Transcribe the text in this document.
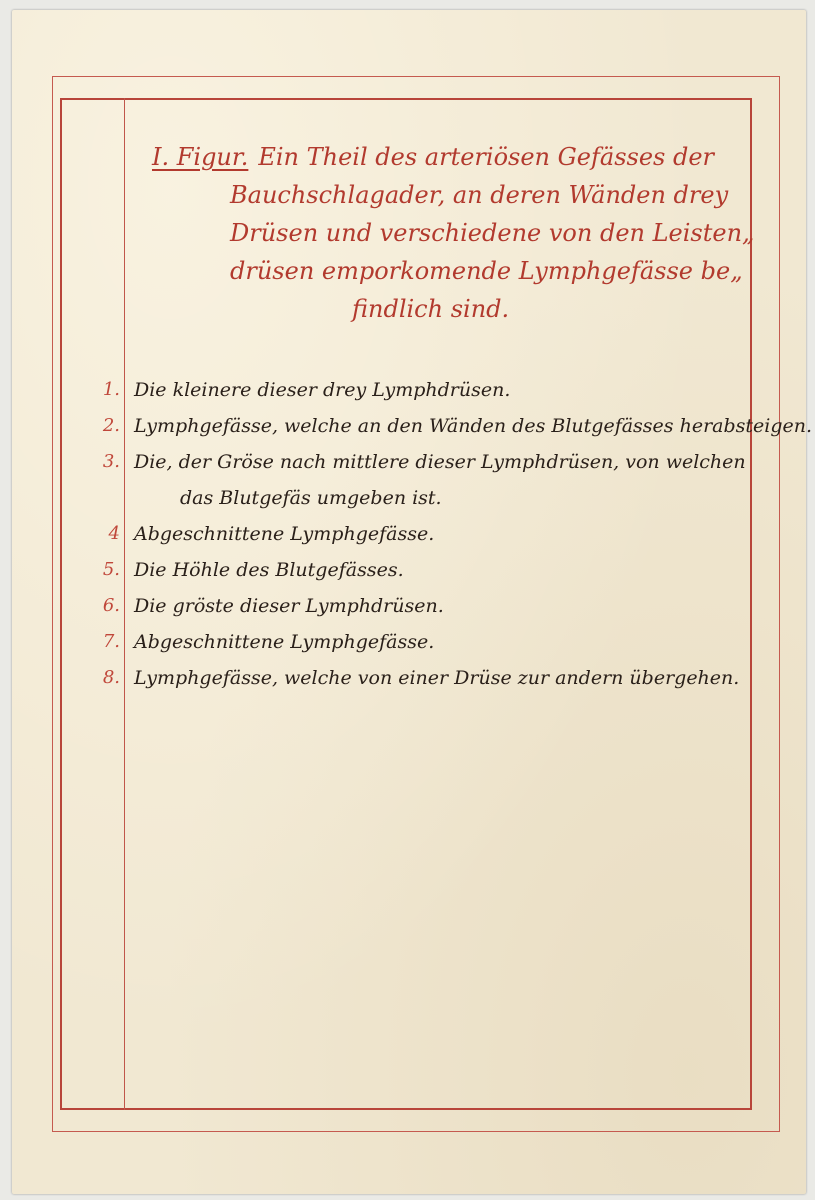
I. Figur. Ein Theil des arteriösen Gefässes der
Bauchschlagader, an deren Wänden drey
Drüsen und verschiedene von den Leisten„
drüsen emporkomende Lymphgefässe be„
findlich sind.
1. Die kleinere dieser drey Lymphdrüsen.
2. Lymphgefässe, welche an den Wänden des Blutgefässes herabsteigen.
3. Die, der Gröse nach mittlere dieser Lymphdrüsen, von welchen
das Blutgefäs umgeben ist.
4 Abgeschnittene Lymphgefässe.
5. Die Höhle des Blutgefässes.
6. Die gröste dieser Lymphdrüsen.
7. Abgeschnittene Lymphgefässe.
8. Lymphgefässe, welche von einer Drüse zur andern übergehen.
